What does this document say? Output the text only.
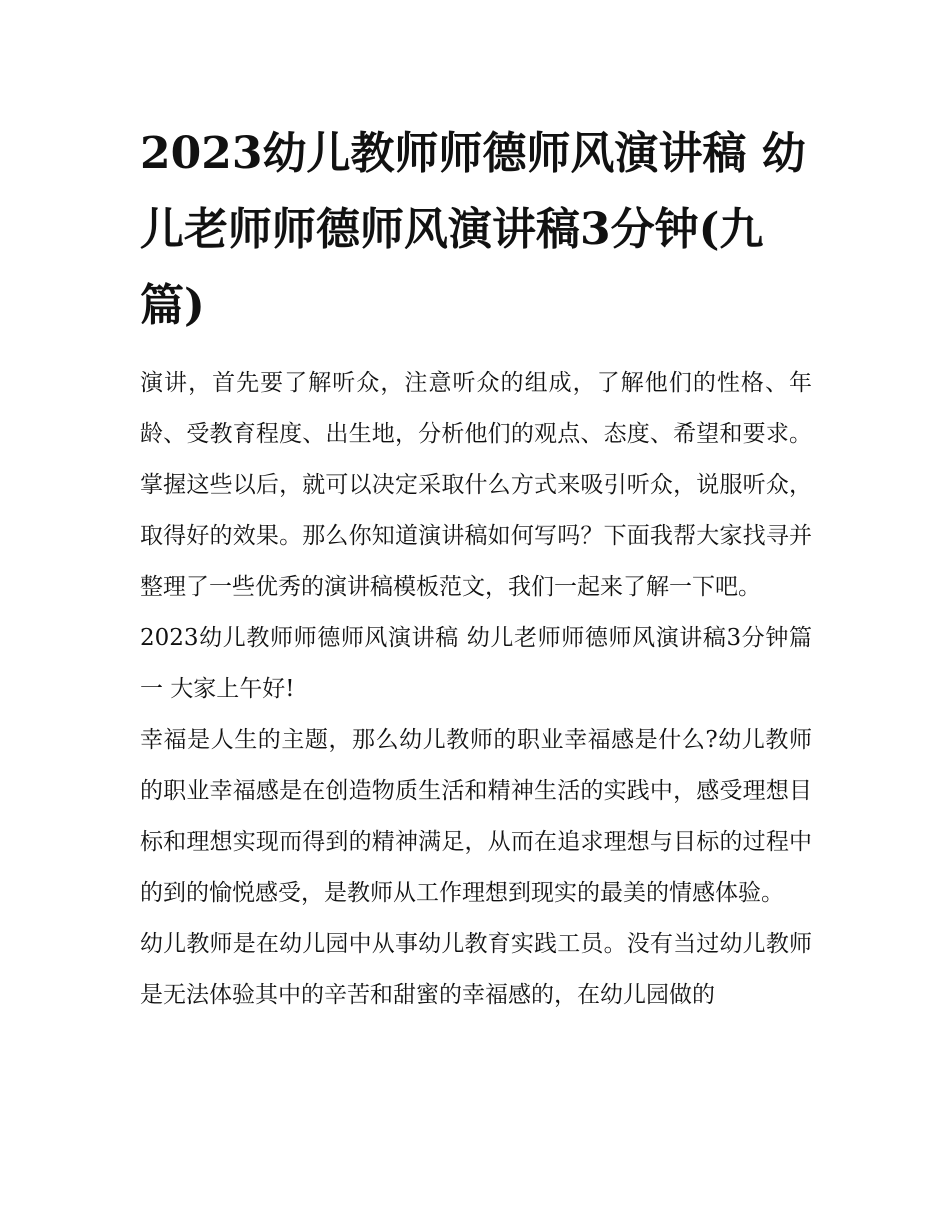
2023幼儿教师师德师风演讲稿 幼儿老师师德师风演讲稿3分钟(九篇)

演讲，首先要了解听众，注意听众的组成，了解他们的性格、年龄、受教育程度、出生地，分析他们的观点、态度、希望和要求。掌握这些以后，就可以决定采取什么方式来吸引听众，说服听众，取得好的效果。那么你知道演讲稿如何写吗？下面我帮大家找寻并整理了一些优秀的演讲稿模板范文，我们一起来了解一下吧。

2023幼儿教师师德师风演讲稿 幼儿老师师德师风演讲稿3分钟篇一 大家上午好!

幸福是人生的主题，那么幼儿教师的职业幸福感是什么?幼儿教师的职业幸福感是在创造物质生活和精神生活的实践中，感受理想目标和理想实现而得到的精神满足，从而在追求理想与目标的过程中的到的愉悦感受，是教师从工作理想到现实的最美的情感体验。

幼儿教师是在幼儿园中从事幼儿教育实践工员。没有当过幼儿教师是无法体验其中的辛苦和甜蜜的幸福感的，在幼儿园做的
